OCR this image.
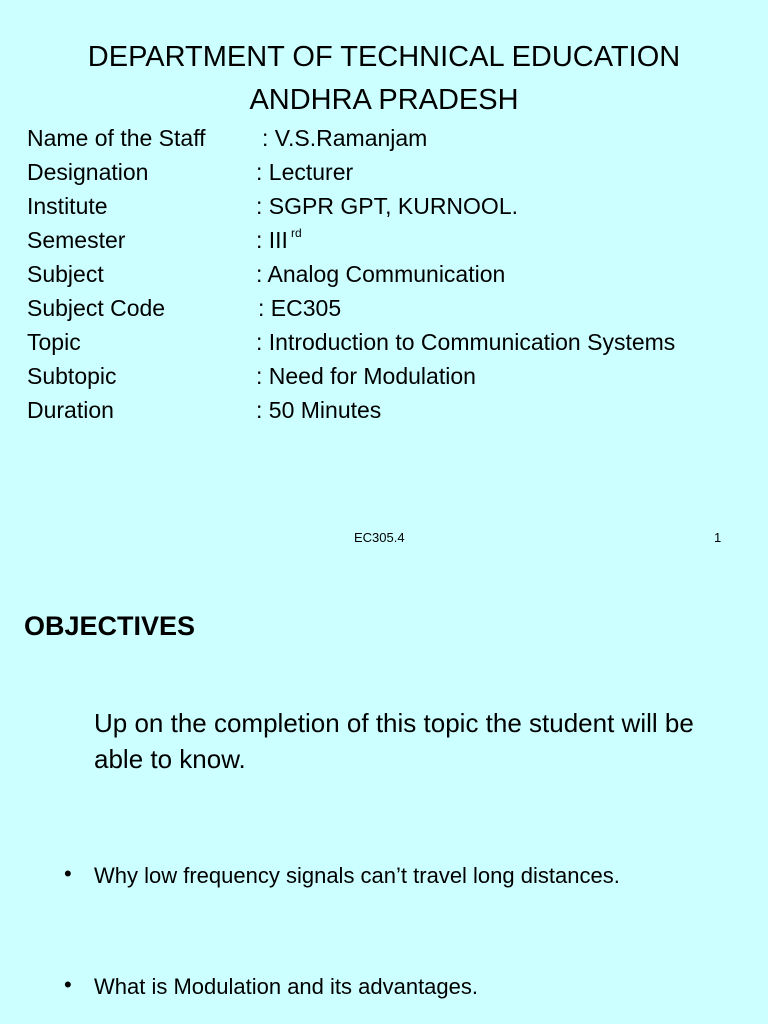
DEPARTMENT OF TECHNICAL EDUCATION
ANDHRA PRADESH
Name of the Staff : V.S.Ramanjam
Designation	: Lecturer
Institute	: SGPR GPT, KURNOOL.
Semester	: III $^{rd}$
Subject	: Analog Communication
Subject Code	: EC305
Topic	: Introduction to Communication Systems
Subtopic	: Need for Modulation
Duration	: 50 Minutes
EC305.4	1
OBJECTIVES
Up on the completion of this topic the student will be able to know.
• Why low frequency signals can’t travel long distances.
• What is Modulation and its advantages.
